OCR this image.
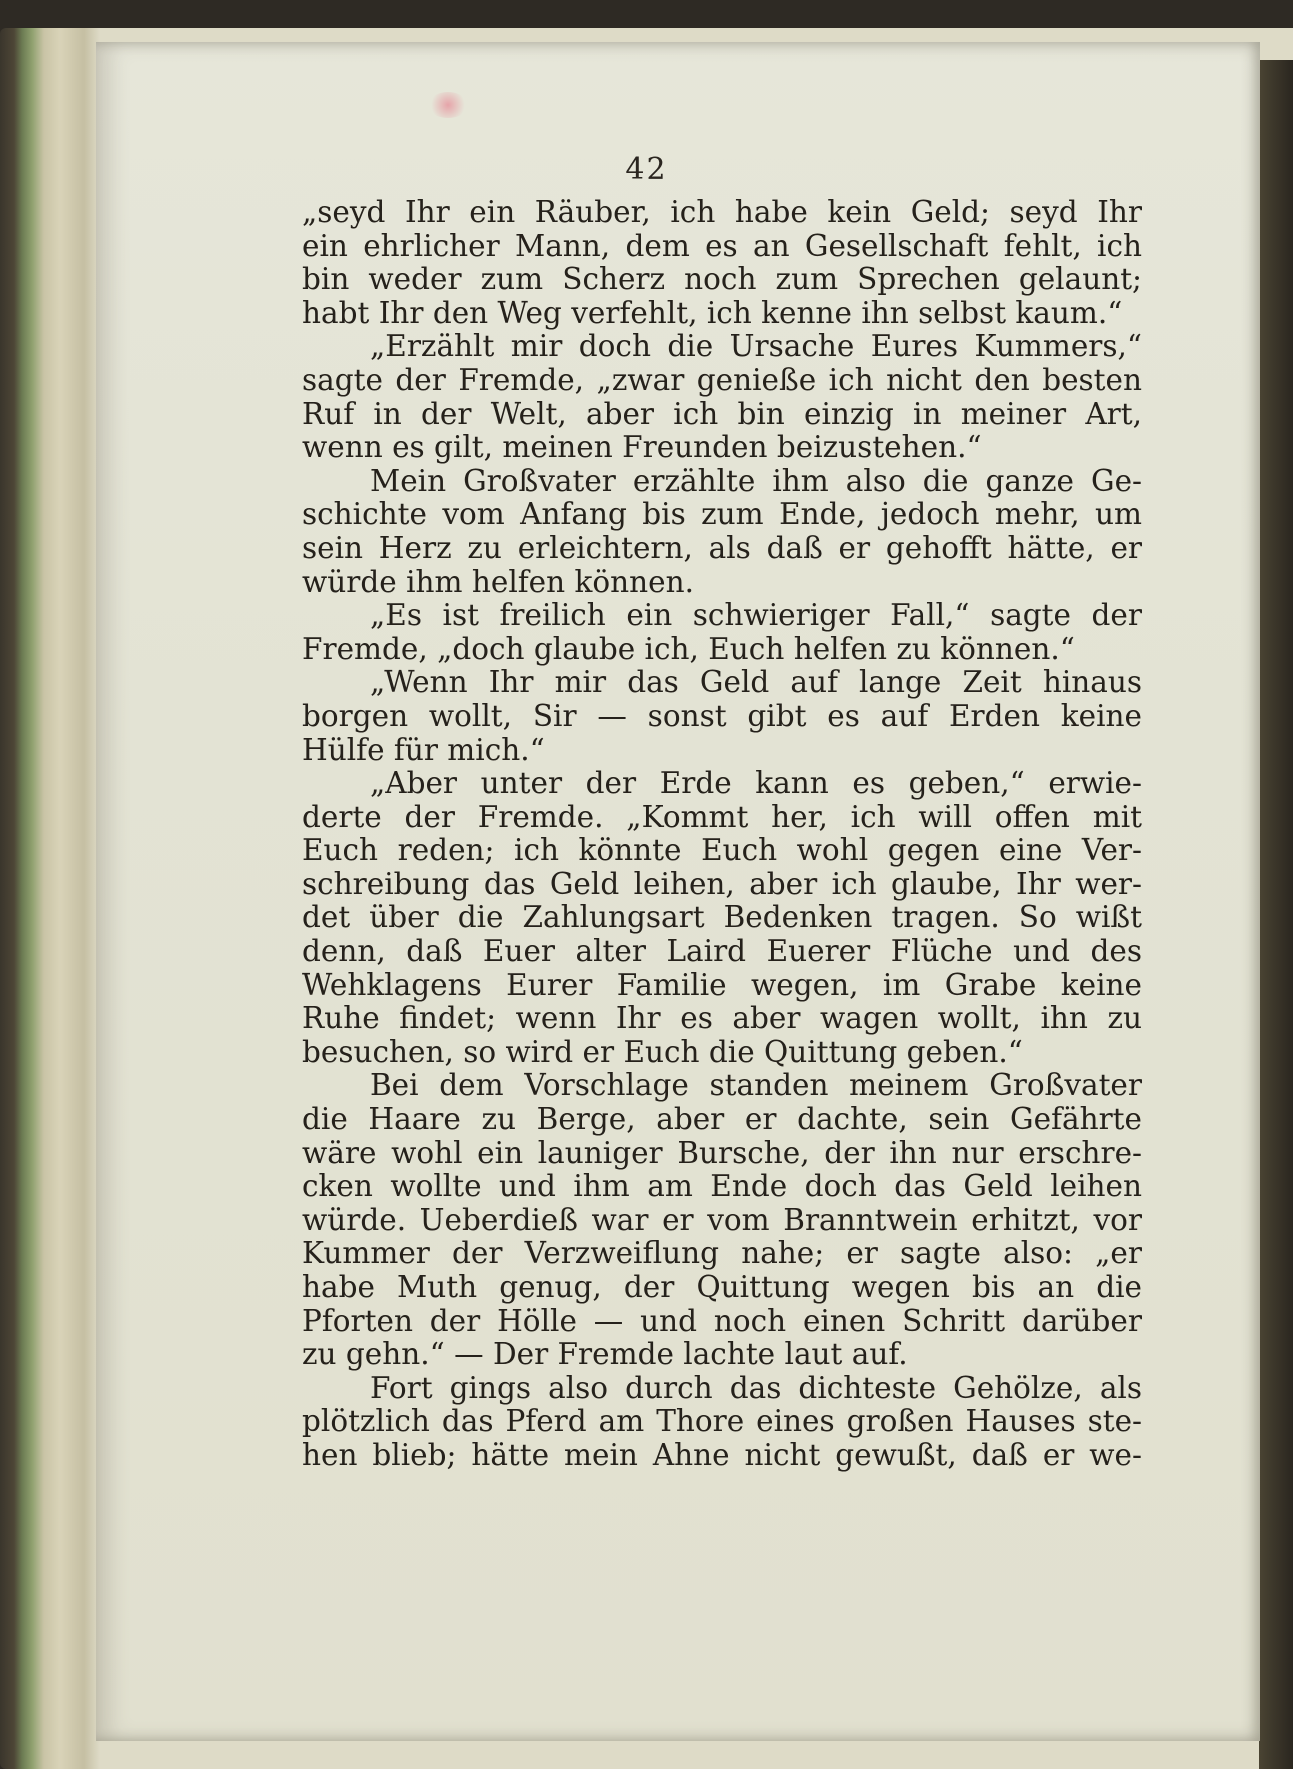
42
„seyd Ihr ein Räuber, ich habe kein Geld; seyd Ihr
ein ehrlicher Mann, dem es an Gesellschaft fehlt, ich
bin weder zum Scherz noch zum Sprechen gelaunt;
habt Ihr den Weg verfehlt, ich kenne ihn selbst kaum.“
„Erzählt mir doch die Ursache Eures Kummers,“
sagte der Fremde, „zwar genieße ich nicht den besten
Ruf in der Welt, aber ich bin einzig in meiner Art,
wenn es gilt, meinen Freunden beizustehen.“
Mein Großvater erzählte ihm also die ganze Ge-
schichte vom Anfang bis zum Ende, jedoch mehr, um
sein Herz zu erleichtern, als daß er gehofft hätte, er
würde ihm helfen können.
„Es ist freilich ein schwieriger Fall,“ sagte der
Fremde, „doch glaube ich, Euch helfen zu können.“
„Wenn Ihr mir das Geld auf lange Zeit hinaus
borgen wollt, Sir — sonst gibt es auf Erden keine
Hülfe für mich.“
„Aber unter der Erde kann es geben,“ erwie-
derte der Fremde. „Kommt her, ich will offen mit
Euch reden; ich könnte Euch wohl gegen eine Ver-
schreibung das Geld leihen, aber ich glaube, Ihr wer-
det über die Zahlungsart Bedenken tragen. So wißt
denn, daß Euer alter Laird Euerer Flüche und des
Wehklagens Eurer Familie wegen, im Grabe keine
Ruhe findet; wenn Ihr es aber wagen wollt, ihn zu
besuchen, so wird er Euch die Quittung geben.“
Bei dem Vorschlage standen meinem Großvater
die Haare zu Berge, aber er dachte, sein Gefährte
wäre wohl ein launiger Bursche, der ihn nur erschre-
cken wollte und ihm am Ende doch das Geld leihen
würde. Ueberdieß war er vom Branntwein erhitzt, vor
Kummer der Verzweiflung nahe; er sagte also: „er
habe Muth genug, der Quittung wegen bis an die
Pforten der Hölle — und noch einen Schritt darüber
zu gehn.“ — Der Fremde lachte laut auf.
Fort gings also durch das dichteste Gehölze, als
plötzlich das Pferd am Thore eines großen Hauses ste-
hen blieb; hätte mein Ahne nicht gewußt, daß er we-
